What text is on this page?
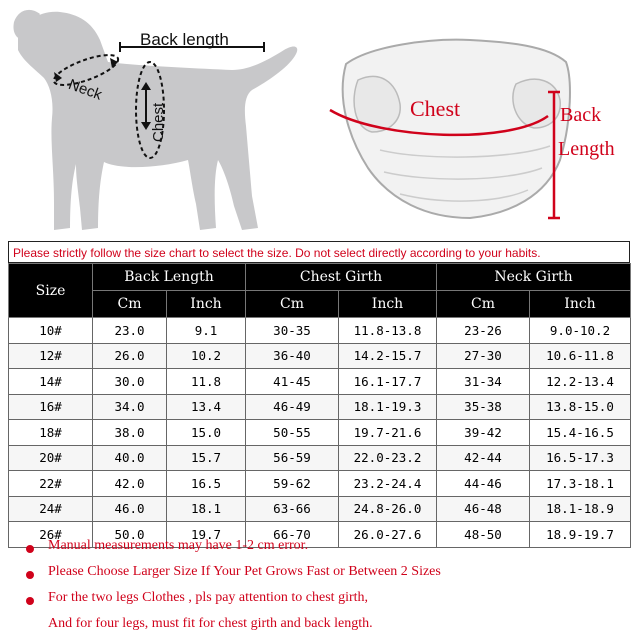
Back length
Neck
Chest	Chest	Back
Length
Please strictly follow the size chart to select the size. Do not select directly according to your habits.
Size	Back Length		Chest Girth		Neck Girth	
	Cm	Inch	Cm	Inch	Cm	Inch
10#	23.0	9.1	30-35	11.8-13.8	23-26	9.0-10.2
12#	26.0	10.2	36-40	14.2-15.7	27-30	10.6-11.8
14#	30.0	11.8	41-45	16.1-17.7	31-34	12.2-13.4
16#	34.0	13.4	46-49	18.1-19.3	35-38	13.8-15.0
18#	38.0	15.0	50-55	19.7-21.6	39-42	15.4-16.5
20#	40.0	15.7	56-59	22.0-23.2	42-44	16.5-17.3
22#	42.0	16.5	59-62	23.2-24.4	44-46	17.3-18.1
24#	46.0	18.1	63-66	24.8-26.0	46-48	18.1-18.9
26#	50.0	19.7	66-70	26.0-27.6	48-50	18.9-19.7
Manual measurements may have 1-2 cm error.
Please Choose Larger Size If Your Pet Grows Fast or Between 2 Sizes
For the two legs Clothes , pls pay attention to chest girth,
And for four legs, must fit for chest girth and back length.
